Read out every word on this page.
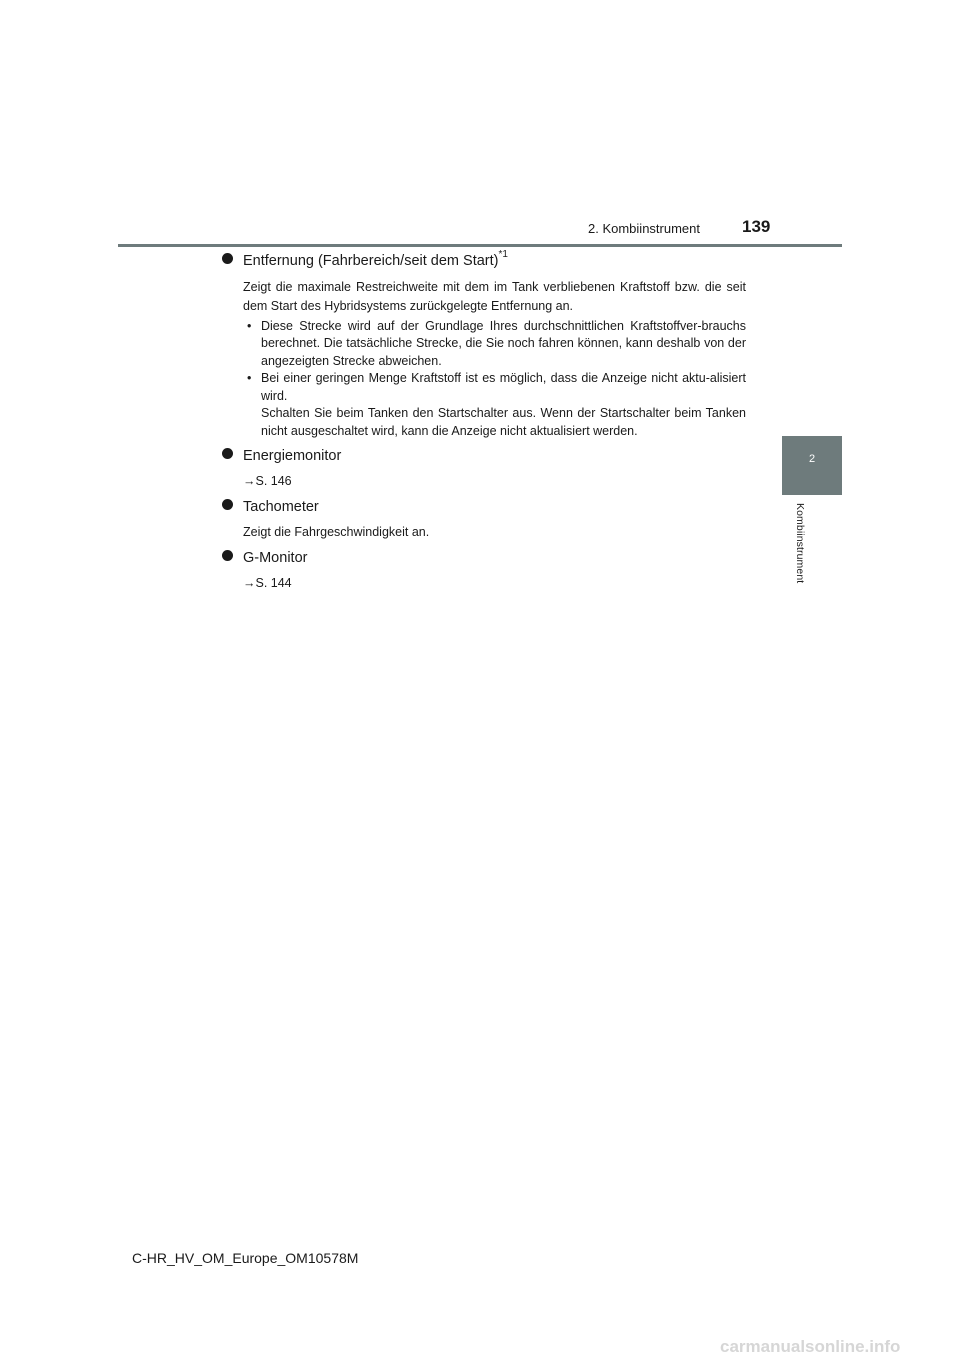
2. Kombiinstrument 139
2
Kombiinstrument

Entfernung (Fahrbereich/seit dem Start)$^{*1}$

Zeigt die maximale Restreichweite mit dem im Tank verbliebenen Kraftstoff bzw. die seit dem Start des Hybridsystems zurückgelegte Entfernung an.

• Diese Strecke wird auf der Grundlage Ihres durchschnittlichen Kraftstoffver-brauchs berechnet. Die tatsächliche Strecke, die Sie noch fahren können, kann deshalb von der angezeigten Strecke abweichen.
• Bei einer geringen Menge Kraftstoff ist es möglich, dass die Anzeige nicht aktu-alisiert wird.
Schalten Sie beim Tanken den Startschalter aus. Wenn der Startschalter beim Tanken nicht ausgeschaltet wird, kann die Anzeige nicht aktualisiert werden.

Energiemonitor

→S. 146

Tachometer

Zeigt die Fahrgeschwindigkeit an.

G-Monitor

→S. 144
C-HR_HV_OM_Europe_OM10578M
carmanualsonline.info
